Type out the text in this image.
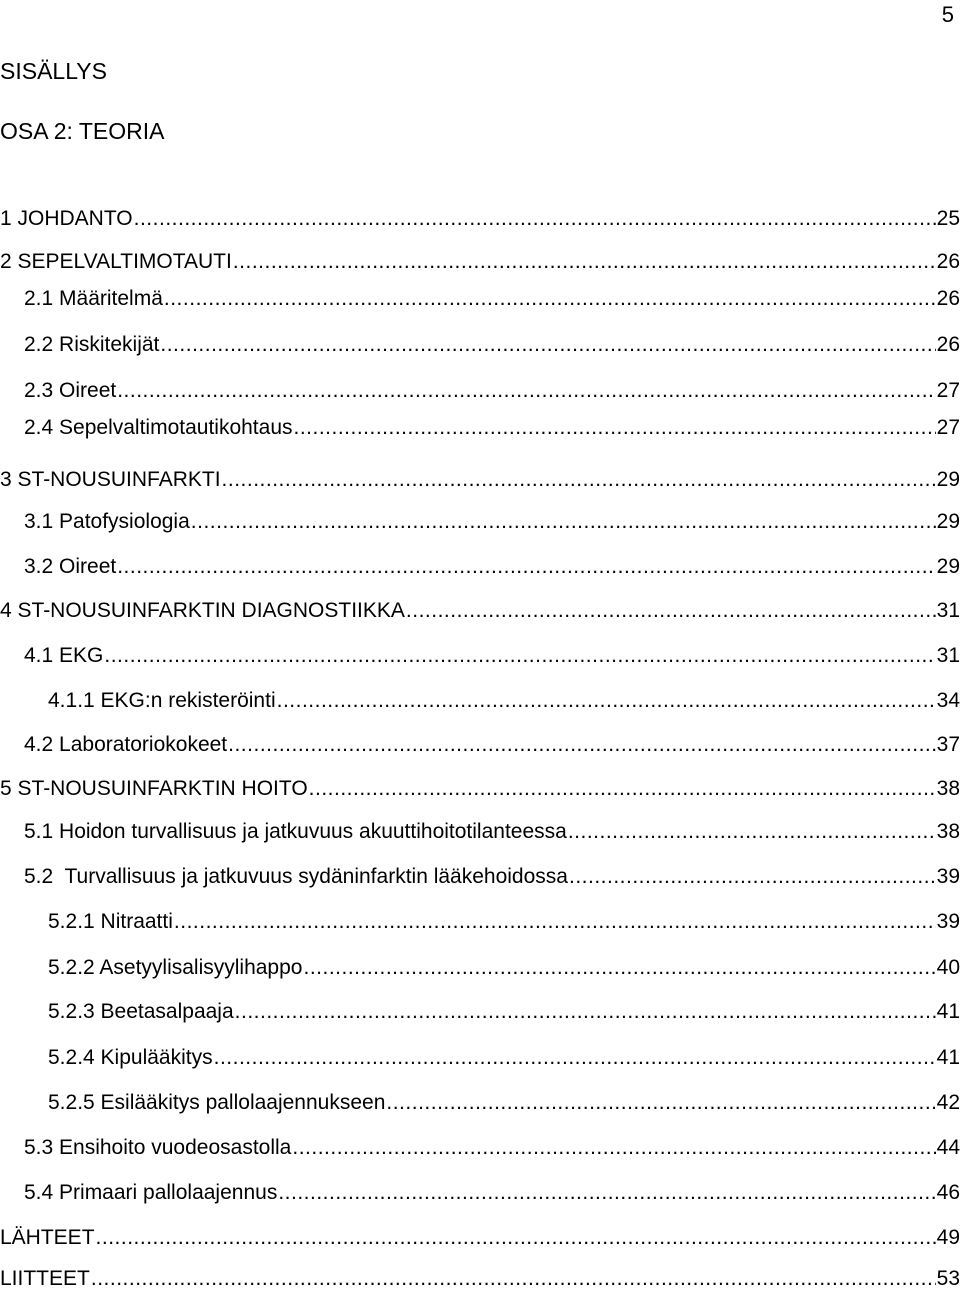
5
SISÄLLYS
OSA 2: TEORIA
1 JOHDANTO .....	25
2 SEPELVALTIMOTAUTI .....	26
2.1 Määritelmä .....	26
2.2 Riskitekijät .....	26
2.3 Oireet .....	27
2.4 Sepelvaltimotautikohtaus .....	27
3 ST-NOUSUINFARKTI .....	29
3.1 Patofysiologia .....	29
3.2 Oireet .....	29
4 ST-NOUSUINFARKTIN DIAGNOSTIIKKA .....	31
4.1 EKG .....	31
4.1.1 EKG:n rekisteröinti .....	34
4.2 Laboratoriokokeet .....	37
5 ST-NOUSUINFARKTIN HOITO .....	38
5.1 Hoidon turvallisuus ja jatkuvuus akuuttihoitotilanteessa .....	38
5.2  Turvallisuus ja jatkuvuus sydäninfarktin lääkehoidossa .....	39
5.2.1 Nitraatti .....	39
5.2.2 Asetyylisalisyylihappo .....	40
5.2.3 Beetasalpaaja .....	41
5.2.4 Kipulääkitys .....	41
5.2.5 Esilääkitys pallolaajennukseen .....	42
5.3 Ensihoito vuodeosastolla .....	44
5.4 Primaari pallolaajennus .....	46
LÄHTEET .....	49
LIITTEET .....	53
